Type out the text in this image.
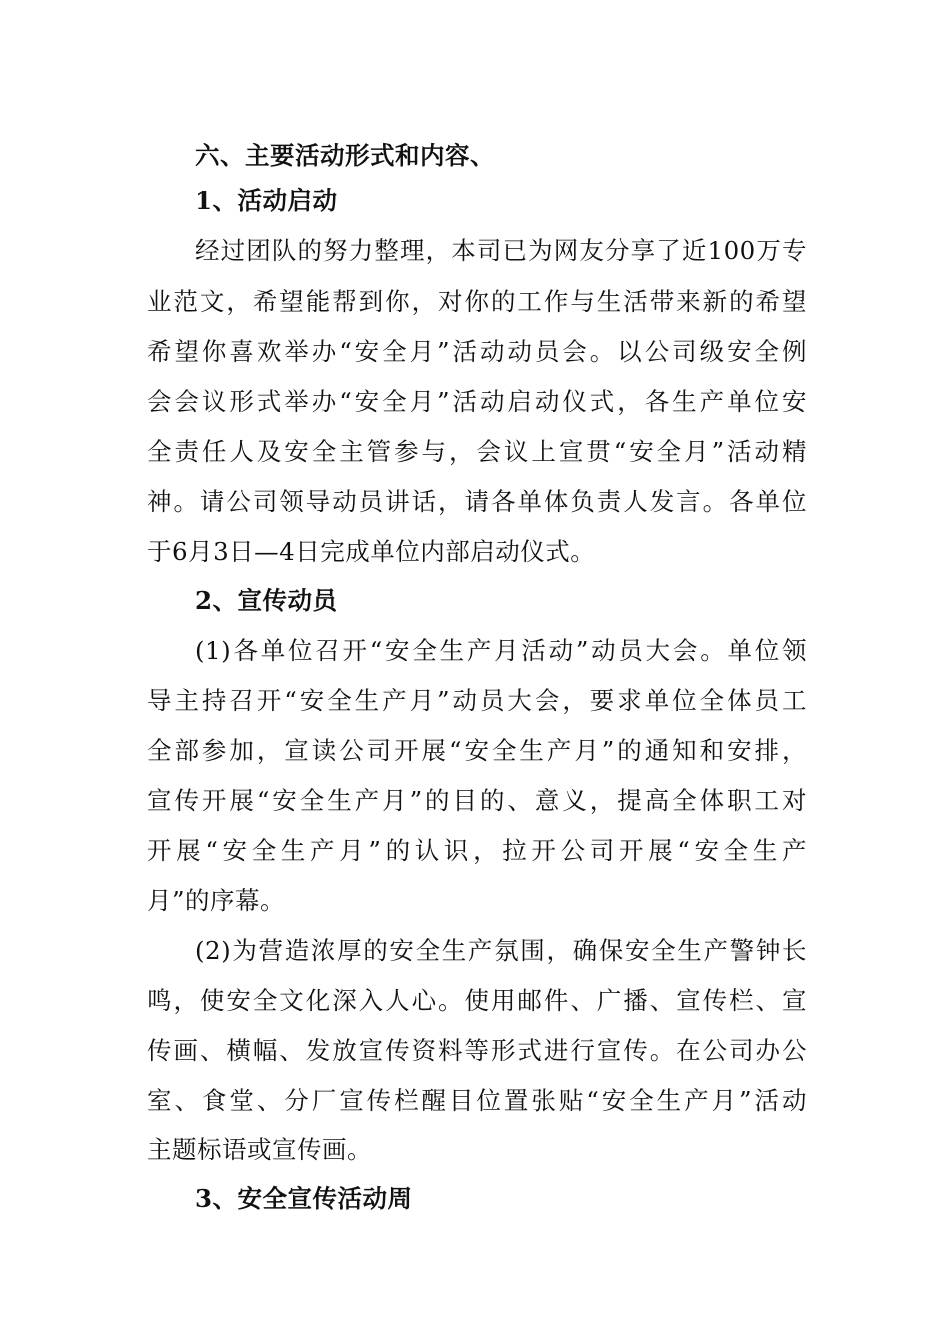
六、主要活动形式和内容、
1、活动启动
经过团队的努力整理，本司已为网友分享了近100万专
业范文，希望能帮到你，对你的工作与生活带来新的希望
希望你喜欢举办“安全月”活动动员会。以公司级安全例
会会议形式举办“安全月”活动启动仪式，各生产单位安
全责任人及安全主管参与，会议上宣贯“安全月”活动精
神。请公司领导动员讲话，请各单体负责人发言。各单位
于6月3日—4日完成单位内部启动仪式。
2、宣传动员
(1)各单位召开“安全生产月活动”动员大会。单位领
导主持召开“安全生产月”动员大会，要求单位全体员工
全部参加，宣读公司开展“安全生产月”的通知和安排，
宣传开展“安全生产月”的目的、意义，提高全体职工对
开展“安全生产月”的认识，拉开公司开展“安全生产
月”的序幕。
(2)为营造浓厚的安全生产氛围，确保安全生产警钟长
鸣，使安全文化深入人心。使用邮件、广播、宣传栏、宣
传画、横幅、发放宣传资料等形式进行宣传。在公司办公
室、食堂、分厂宣传栏醒目位置张贴“安全生产月”活动
主题标语或宣传画。
3、安全宣传活动周
